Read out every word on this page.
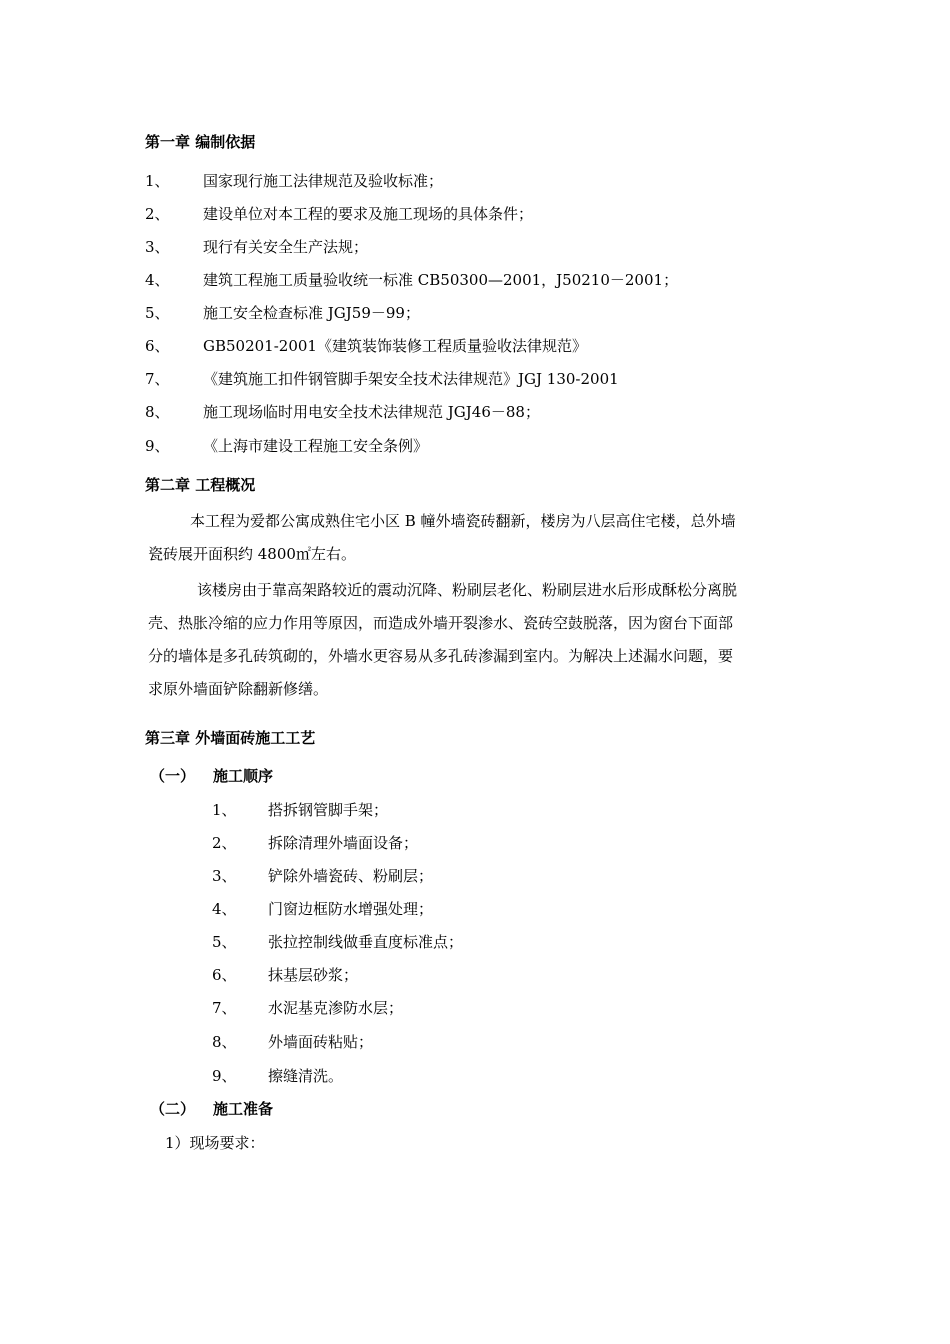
第一章 编制依据
1、 国家现行施工法律规范及验收标准；
2、 建设单位对本工程的要求及施工现场的具体条件；
3、 现行有关安全生产法规；
4、 建筑工程施工质量验收统一标准 CB50300—2001，J50210－2001；
5、 施工安全检查标准 JGJ59－99；
6、 GB50201-2001《建筑装饰装修工程质量验收法律规范》
7、 《建筑施工扣件钢管脚手架安全技术法律规范》JGJ 130-2001
8、 施工现场临时用电安全技术法律规范 JGJ46－88；
9、 《上海市建设工程施工安全条例》
第二章 工程概况
本工程为爱都公寓成熟住宅小区 B 幢外墙瓷砖翻新，楼房为八层高住宅楼，总外墙
瓷砖展开面积约 4800㎡左右。
该楼房由于靠高架路较近的震动沉降、粉刷层老化、粉刷层进水后形成酥松分离脱
壳、热胀冷缩的应力作用等原因，而造成外墙开裂渗水、瓷砖空鼓脱落，因为窗台下面部
分的墙体是多孔砖筑砌的，外墙水更容易从多孔砖渗漏到室内。为解决上述漏水问题，要
求原外墙面铲除翻新修缮。
第三章 外墙面砖施工工艺
（一） 施工顺序
1、 搭拆钢管脚手架；
2、 拆除清理外墙面设备；
3、 铲除外墙瓷砖、粉刷层；
4、 门窗边框防水增强处理；
5、 张拉控制线做垂直度标准点；
6、 抹基层砂浆；
7、 水泥基克渗防水层；
8、 外墙面砖粘贴；
9、 擦缝清洗。
（二） 施工准备
1）现场要求：
